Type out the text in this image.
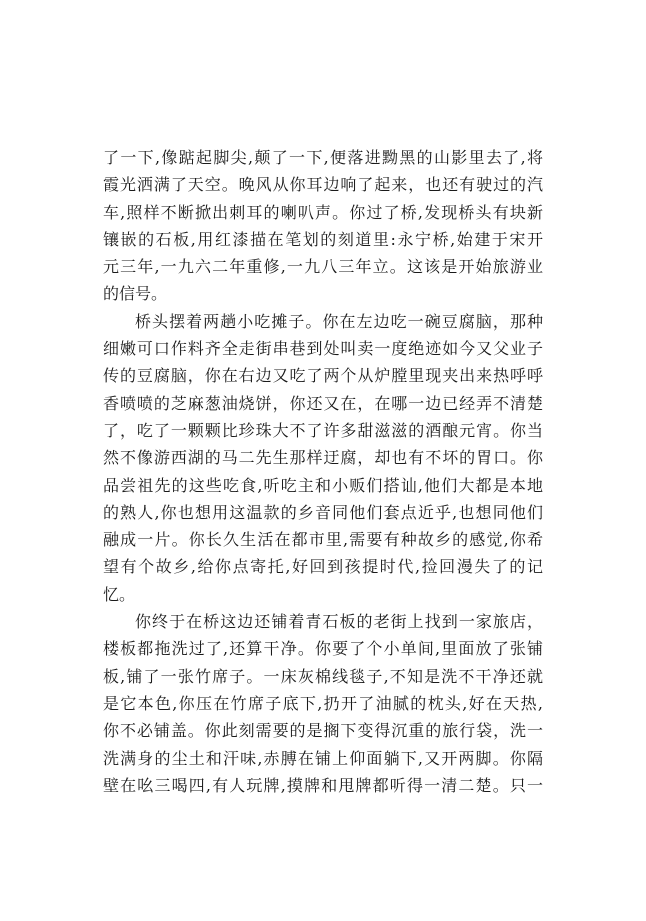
了一下,像踮起脚尖,颠了一下,便落进黝黑的山影里去了,将
霞光洒满了天空。晚风从你耳边响了起来，也还有驶过的汽
车,照样不断掀出刺耳的喇叭声。你过了桥,发现桥头有块新
镶嵌的石板,用红漆描在笔划的刻道里:永宁桥,始建于宋开
元三年,一九六二年重修,一九八三年立。这该是开始旅游业
的信号。
桥头摆着两趟小吃摊子。你在左边吃一碗豆腐脑，那种
细嫩可口作料齐全走街串巷到处叫卖一度绝迹如今又父业子
传的豆腐脑，你在右边又吃了两个从炉膛里现夹出来热呼呼
香喷喷的芝麻葱油烧饼，你还又在，在哪一边已经弄不清楚
了，吃了一颗颗比珍珠大不了许多甜滋滋的酒酿元宵。你当
然不像游西湖的马二先生那样迂腐，却也有不坏的胃口。你
品尝祖先的这些吃食,听吃主和小贩们搭讪,他们大都是本地
的熟人,你也想用这温款的乡音同他们套点近乎,也想同他们
融成一片。你长久生活在都市里,需要有种故乡的感觉,你希
望有个故乡,给你点寄托,好回到孩提时代,捡回漫失了的记
忆。
你终于在桥这边还铺着青石板的老街上找到一家旅店，
楼板都拖洗过了,还算干净。你要了个小单间,里面放了张铺
板,铺了一张竹席子。一床灰棉线毯子,不知是洗不干净还就
是它本色,你压在竹席子底下,扔开了油腻的枕头,好在天热,
你不必铺盖。你此刻需要的是搁下变得沉重的旅行袋，洗一
洗满身的尘土和汗味,赤膊在铺上仰面躺下,又开两脚。你隔
壁在吆三喝四,有人玩牌,摸牌和甩牌都听得一清二楚。只一
